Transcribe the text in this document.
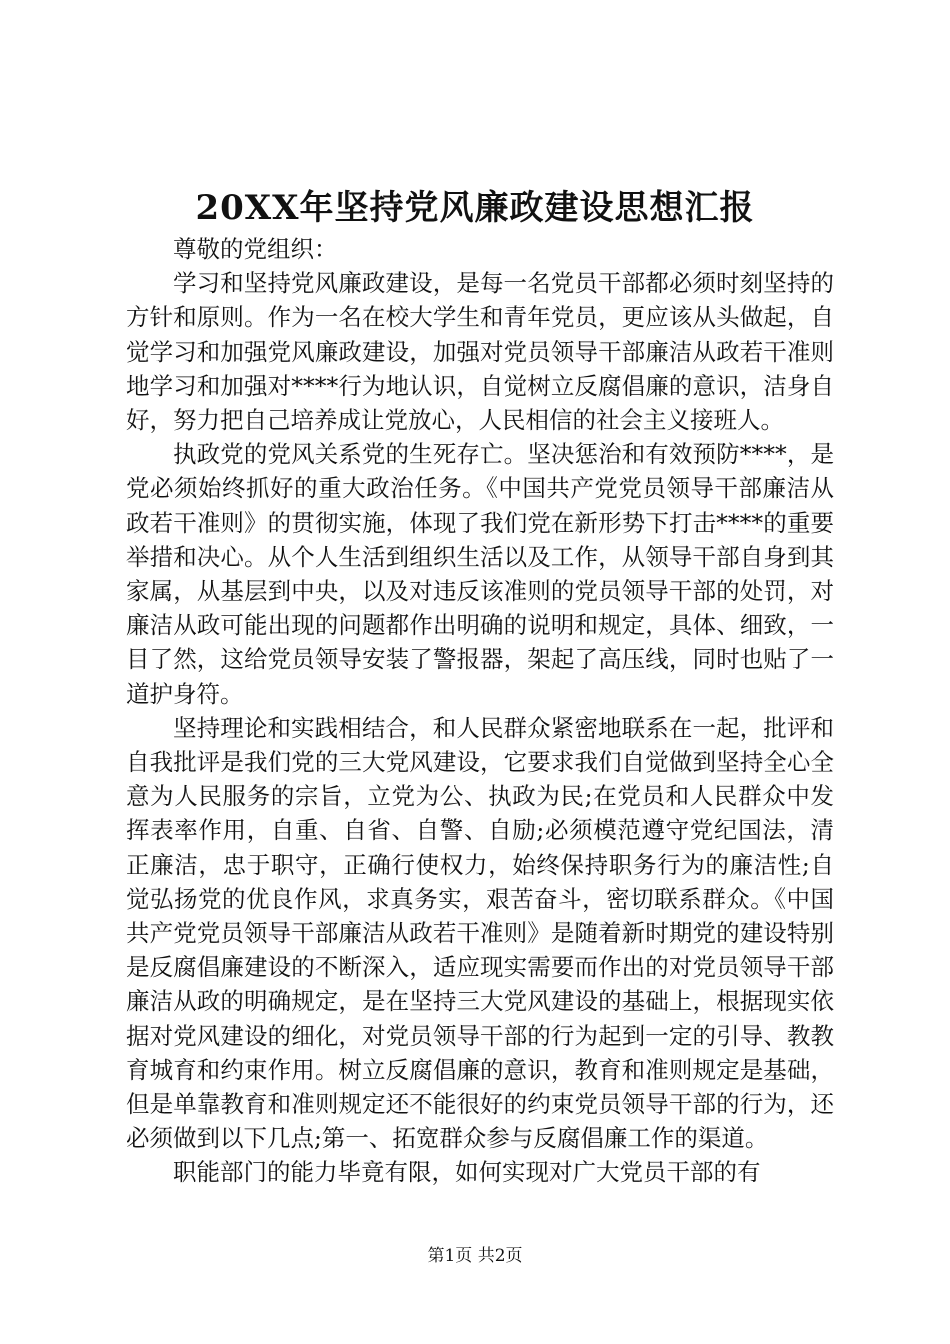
20XX年坚持党风廉政建设思想汇报

尊敬的党组织：

学习和坚持党风廉政建设，是每一名党员干部都必须时刻坚持的方针和原则。作为一名在校大学生和青年党员，更应该从头做起，自觉学习和加强党风廉政建设，加强对党员领导干部廉洁从政若干准则地学习和加强对****行为地认识，自觉树立反腐倡廉的意识，洁身自好，努力把自己培养成让党放心，人民相信的社会主义接班人。

执政党的党风关系党的生死存亡。坚决惩治和有效预防****，是党必须始终抓好的重大政治任务。《中国共产党党员领导干部廉洁从政若干准则》的贯彻实施，体现了我们党在新形势下打击****的重要举措和决心。从个人生活到组织生活以及工作，从领导干部自身到其家属，从基层到中央，以及对违反该准则的党员领导干部的处罚，对廉洁从政可能出现的问题都作出明确的说明和规定，具体、细致，一目了然，这给党员领导安装了警报器，架起了高压线，同时也贴了一道护身符。

坚持理论和实践相结合，和人民群众紧密地联系在一起，批评和自我批评是我们党的三大党风建设，它要求我们自觉做到坚持全心全意为人民服务的宗旨，立党为公、执政为民;在党员和人民群众中发挥表率作用，自重、自省、自警、自励;必须模范遵守党纪国法，清正廉洁，忠于职守，正确行使权力，始终保持职务行为的廉洁性;自觉弘扬党的优良作风，求真务实，艰苦奋斗，密切联系群众。《中国共产党党员领导干部廉洁从政若干准则》是随着新时期党的建设特别是反腐倡廉建设的不断深入，适应现实需要而作出的对党员领导干部廉洁从政的明确规定，是在坚持三大党风建设的基础上，根据现实依据对党风建设的细化，对党员领导干部的行为起到一定的引导、教教育城育和约束作用。树立反腐倡廉的意识，教育和准则规定是基础，但是单靠教育和准则规定还不能很好的约束党员领导干部的行为，还必须做到以下几点;第一、拓宽群众参与反腐倡廉工作的渠道。

职能部门的能力毕竟有限，如何实现对广大党员干部的有

第1页 共2页
